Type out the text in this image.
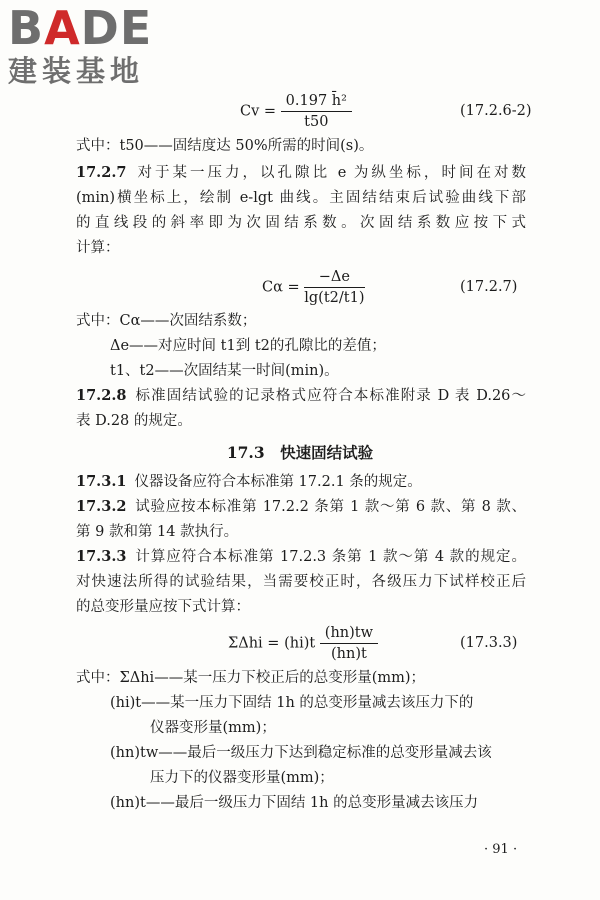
BADE
建装基地
$Cv = \frac{\text{0.197 h̄²}}{t50}$	(17.2.6-2)
式中：t50——固结度达 50%所需的时间(s)。
17.2.7 对于某一压力，以孔隙比 e 为纵坐标，时间在对数
(min)横坐标上，绘制 e-lgt 曲线。主固结结束后试验曲线下部
的直线段的斜率即为次固结系数。次固结系数应按下式
计算：
$C\alpha = \frac{-\Delta e}{\lg(t2/t1)}$	(17.2.7)
式中：Cα——次固结系数；
Δe——对应时间 t1到 t2的孔隙比的差值；
t1、t2——次固结某一时间(min)。
17.2.8 标准固结试验的记录格式应符合本标准附录 D 表 D.26～
表 D.28 的规定。
17.3　快速固结试验
17.3.1 仪器设备应符合本标准第 17.2.1 条的规定。
17.3.2 试验应按本标准第 17.2.2 条第 1 款～第 6 款、第 8 款、
第 9 款和第 14 款执行。
17.3.3 计算应符合本标准第 17.2.3 条第 1 款～第 4 款的规定。
对快速法所得的试验结果，当需要校正时，各级压力下试样校正后
的总变形量应按下式计算：
$\Sigma\Delta hi = (hi)t \frac{(hn)tw}{(hn)t}$	(17.3.3)
式中：ΣΔhi——某一压力下校正后的总变形量(mm)；
(hi)t——某一压力下固结 1h 的总变形量减去该压力下的
仪器变形量(mm)；
(hn)tw——最后一级压力下达到稳定标准的总变形量减去该
压力下的仪器变形量(mm)；
(hn)t——最后一级压力下固结 1h 的总变形量减去该压力
· 91 ·
